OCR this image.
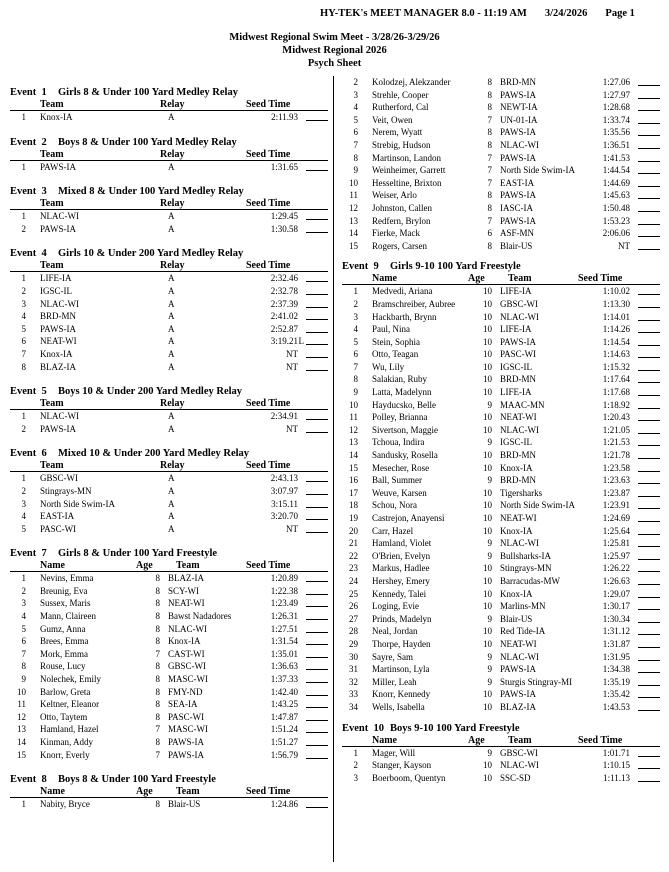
HY-TEK's MEET MANAGER 8.0 - 11:19 AM 3/24/2026 Page 1
Midwest Regional Swim Meet - 3/28/26-3/29/26
Midwest Regional 2026
Psych Sheet
Event  1 Girls 8 & Under 100 Yard Medley Relay
Team	Relay	Seed Time
1 Knox-IA	A	2:11.93
Event  2 Boys 8 & Under 100 Yard Medley Relay
Team	Relay	Seed Time
1 PAWS-IA	A	1:31.65
Event  3 Mixed 8 & Under 100 Yard Medley Relay
Team	Relay	Seed Time
1 NLAC-WI	A	1:29.45
2 PAWS-IA	A	1:30.58
Event  4 Girls 10 & Under 200 Yard Medley Relay
Team	Relay	Seed Time
1 LIFE-IA	A	2:32.46
2 IGSC-IL	A	2:32.78
3 NLAC-WI	A	2:37.39
4 BRD-MN	A	2:41.02
5 PAWS-IA	A	2:52.87
6 NEAT-WI	A	3:19.21 L
7 Knox-IA	A	NT
8 BLAZ-IA	A	NT
Event  5 Boys 10 & Under 200 Yard Medley Relay
Team	Relay	Seed Time
1 NLAC-WI	A	2:34.91
2 PAWS-IA	A	NT
Event  6 Mixed 10 & Under 200 Yard Medley Relay
Team	Relay	Seed Time
1 GBSC-WI	A	2:43.13
2 Stingrays-MN	A	3:07.97
3 North Side Swim-IA	A	3:15.11
4 EAST-IA	A	3:20.70
5 PASC-WI	A	NT
Event  7 Girls 8 & Under 100 Yard Freestyle
Name	Age Team	Seed Time
1 Nevins, Emma	8 BLAZ-IA	1:20.89
2 Breunig, Eva	8 SCY-WI	1:22.38
3 Sussex, Maris	8 NEAT-WI	1:23.49
4 Mann, Claireen	8 Bawst Nadadores	1:26.31
5 Gumz, Anna	8 NLAC-WI	1:27.51
6 Brees, Emma	8 Knox-IA	1:31.54
7 Mork, Emma	7 CAST-WI	1:35.01
8 Rouse, Lucy	8 GBSC-WI	1:36.63
9 Nolechek, Emily	8 MASC-WI	1:37.33
10 Barlow, Greta	8 FMY-ND	1:42.40
11 Keltner, Eleanor	8 SEA-IA	1:43.25
12 Otto, Taytem	8 PASC-WI	1:47.87
13 Hamland, Hazel	7 MASC-WI	1:51.24
14 Kinman, Addy	8 PAWS-IA	1:51.27
15 Knorr, Everly	7 PAWS-IA	1:56.79
Event  8 Boys 8 & Under 100 Yard Freestyle
Name	Age Team	Seed Time
1 Nabity, Bryce	8 Blair-US	1:24.86
2 Kolodzej, Alekzander	8 BRD-MN	1:27.06
3 Strehle, Cooper	8 PAWS-IA	1:27.97
4 Rutherford, Cal	8 NEWT-IA	1:28.68
5 Veit, Owen	7 UN-01-IA	1:33.74
6 Nerem, Wyatt	8 PAWS-IA	1:35.56
7 Strebig, Hudson	8 NLAC-WI	1:36.51
8 Martinson, Landon	7 PAWS-IA	1:41.53
9 Weinheimer, Garrett	7 North Side Swim-IA	1:44.54
10 Hesseltine, Brixton	7 EAST-IA	1:44.69
11 Weiser, Arlo	8 PAWS-IA	1:45.63
12 Johnston, Callen	8 IASC-IA	1:50.48
13 Redfern, Brylon	7 PAWS-IA	1:53.23
14 Fierke, Mack	6 ASF-MN	2:06.06
15 Rogers, Carsen	8 Blair-US	NT
Event  9 Girls 9-10 100 Yard Freestyle
Name	Age Team	Seed Time
1 Medvedi, Ariana	10 LIFE-IA	1:10.02
2 Bramschreiber, Aubree	10 GBSC-WI	1:13.30
3 Hackbarth, Brynn	10 NLAC-WI	1:14.01
4 Paul, Nina	10 LIFE-IA	1:14.26
5 Stein, Sophia	10 PAWS-IA	1:14.54
6 Otto, Teagan	10 PASC-WI	1:14.63
7 Wu, Lily	10 IGSC-IL	1:15.32
8 Salakian, Ruby	10 BRD-MN	1:17.64
9 Latta, Madelynn	10 LIFE-IA	1:17.68
10 Hayducsko, Belle	9 MAAC-MN	1:18.92
11 Polley, Brianna	10 NEAT-WI	1:20.43
12 Sivertson, Maggie	10 NLAC-WI	1:21.05
13 Tchoua, Indira	9 IGSC-IL	1:21.53
14 Sandusky, Rosella	10 BRD-MN	1:21.78
15 Mesecher, Rose	10 Knox-IA	1:23.58
16 Ball, Summer	9 BRD-MN	1:23.63
17 Weuve, Karsen	10 Tigersharks	1:23.87
18 Schou, Nora	10 North Side Swim-IA	1:23.91
19 Castrejon, Anayensi	10 NEAT-WI	1:24.69
20 Carr, Hazel	10 Knox-IA	1:25.64
21 Hamland, Violet	9 NLAC-WI	1:25.81
22 O'Brien, Evelyn	9 Bullsharks-IA	1:25.97
23 Markus, Hadlee	10 Stingrays-MN	1:26.22
24 Hershey, Emery	10 Barracudas-MW	1:26.63
25 Kennedy, Talei	10 Knox-IA	1:29.07
26 Loging, Evie	10 Marlins-MN	1:30.17
27 Prinds, Madelyn	9 Blair-US	1:30.34
28 Neal, Jordan	10 Red Tide-IA	1:31.12
29 Thorpe, Hayden	10 NEAT-WI	1:31.87
30 Sayre, Sam	9 NLAC-WI	1:31.95
31 Martinson, Lyla	9 PAWS-IA	1:34.38
32 Miller, Leah	9 Sturgis Stingray-MI	1:35.19
33 Knorr, Kennedy	10 PAWS-IA	1:35.42
34 Wells, Isabella	10 BLAZ-IA	1:43.53
Event  10 Boys 9-10 100 Yard Freestyle
Name	Age Team	Seed Time
1 Mager, Will	9 GBSC-WI	1:01.71
2 Stanger, Kayson	10 NLAC-WI	1:10.15
3 Boerboom, Quentyn	10 SSC-SD	1:11.13
